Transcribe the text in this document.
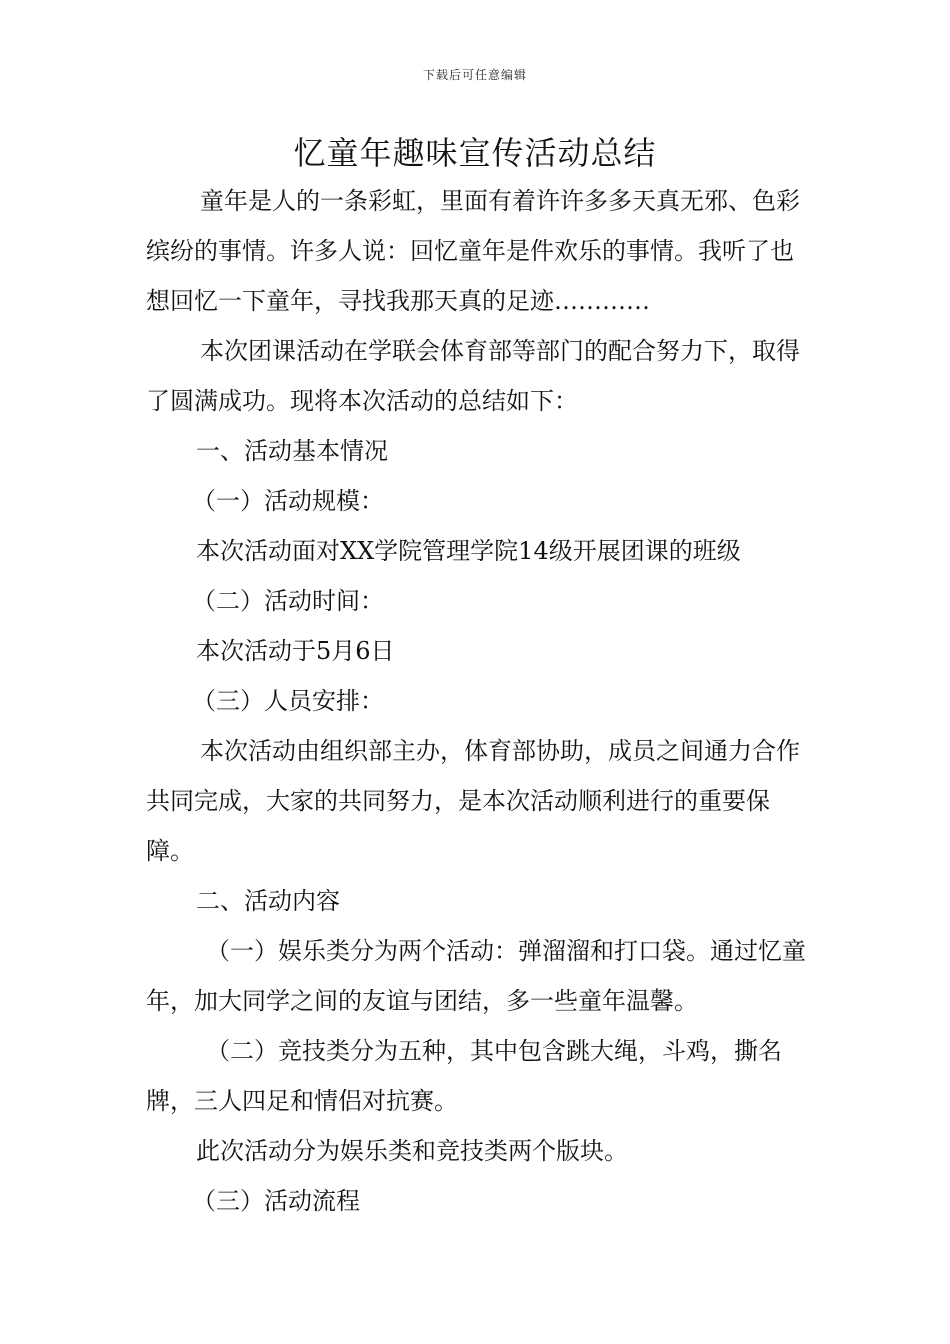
下载后可任意编辑
忆童年趣味宣传活动总结

童年是人的一条彩虹，里面有着许许多多天真无邪、色彩缤纷的事情。许多人说：回忆童年是件欢乐的事情。我听了也想回忆一下童年，寻找我那天真的足迹…………

本次团课活动在学联会体育部等部门的配合努力下，取得了圆满成功。现将本次活动的总结如下：

一、活动基本情况

（一）活动规模：

本次活动面对XX学院管理学院14级开展团课的班级

（二）活动时间：

本次活动于5月6日

（三）人员安排：

本次活动由组织部主办，体育部协助，成员之间通力合作共同完成，大家的共同努力，是本次活动顺利进行的重要保障。

二、活动内容

（一）娱乐类分为两个活动：弹溜溜和打口袋。通过忆童年，加大同学之间的友谊与团结，多一些童年温馨。

（二）竞技类分为五种，其中包含跳大绳，斗鸡，撕名牌，三人四足和情侣对抗赛。

此次活动分为娱乐类和竞技类两个版块。

（三）活动流程
